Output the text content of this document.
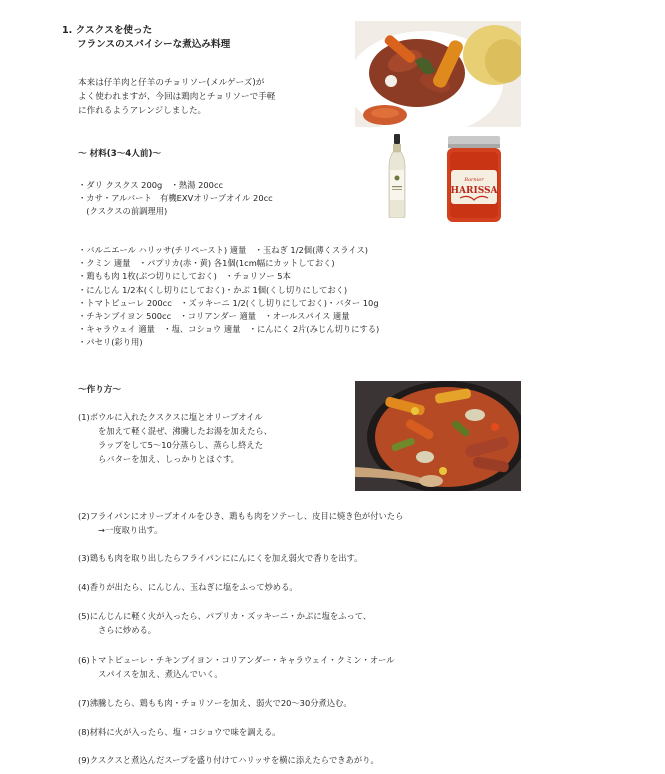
1. クスクスを使った
フランスのスパイシーな煮込み料理
本来は仔羊肉と仔羊のチョリソー(メルゲーズ)が
よく使われますが、今回は鶏肉とチョリソーで手軽
に作れるようアレンジしました。
〜 材料(3〜4人前)〜
Barnier
HARISSA
・ダリ クスクス 200g　・熱湯 200cc
・カサ・アルバート　有機EXVオリーブオイル 20cc
　(クスクスの前調理用)
・バルニエール ハリッサ(チリペースト) 適量　・玉ねぎ 1/2個(薄くスライス)
・クミン 適量　・パプリカ(赤・黄) 各1個(1cm幅にカットしておく)
・鶏もも肉 1枚(ぶつ切りにしておく)　・チョリソー 5本
・にんじん 1/2本(くし切りにしておく)・かぶ 1個(くし切りにしておく)
・トマトピューレ 200cc　・ズッキーニ 1/2(くし切りにしておく)・バター 10g
・チキンブイヨン 500cc　・コリアンダー 適量　・オールスパイス 適量
・キャラウェイ 適量　・塩、コショウ 適量　・にんにく 2片(みじん切りにする)
・パセリ(彩り用)
〜作り方〜
(1)ボウルに入れたクスクスに塩とオリーブオイル
を加えて軽く混ぜ、沸騰したお湯を加えたら、
ラップをして5〜10分蒸らし、蒸らし終えた
らバターを加え、しっかりとほぐす。
(2)フライパンにオリーブオイルをひき、鶏もも肉をソテーし、皮目に焼き色が付いたら
→一度取り出す。
(3)鶏もも肉を取り出したらフライパンににんにくを加え弱火で香りを出す。
(4)香りが出たら、にんじん、玉ねぎに塩をふって炒める。
(5)にんじんに軽く火が入ったら、パプリカ・ズッキーニ・かぶに塩をふって、
さらに炒める。
(6)トマトピューレ・チキンブイヨン・コリアンダー・キャラウェイ・クミン・オール
スパイスを加え、煮込んでいく。
(7)沸騰したら、鶏もも肉・チョリソーを加え、弱火で20〜30分煮込む。
(8)材料に火が入ったら、塩・コショウで味を調える。
(9)クスクスと煮込んだスープを盛り付けてハリッサを横に添えたらできあがり。
